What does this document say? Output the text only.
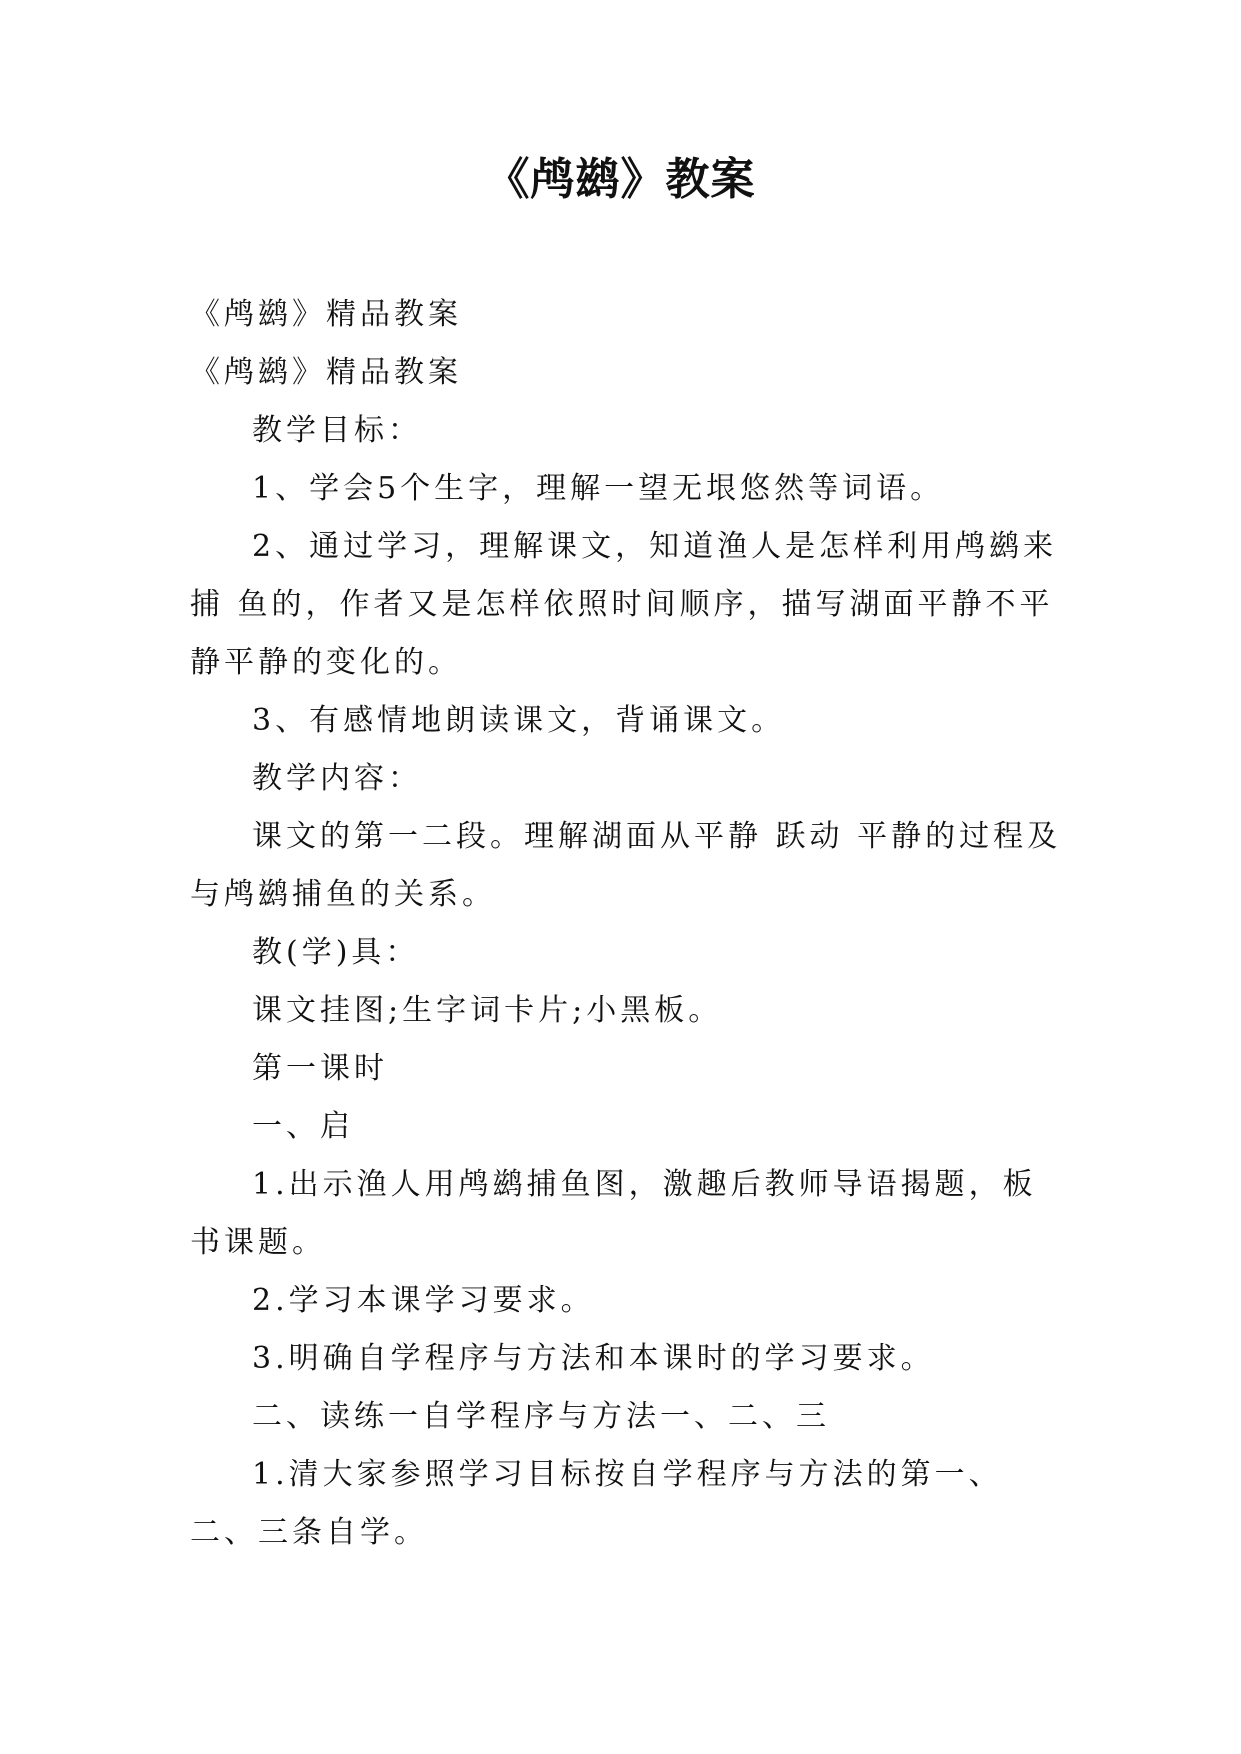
《鸬鹚》教案

《鸬鹚》精品教案

《鸬鹚》精品教案

教学目标：

1、学会5个生字，理解一望无垠悠然等词语。

2、通过学习，理解课文，知道渔人是怎样利用鸬鹚来捕 鱼的，作者又是怎样依照时间顺序，描写湖面平静不平静平静的变化的。

3、有感情地朗读课文，背诵课文。

教学内容：

课文的第一二段。理解湖面从平静 跃动 平静的过程及与鸬鹚捕鱼的关系。

教(学)具：

课文挂图;生字词卡片;小黑板。

第一课时

一、启

1.出示渔人用鸬鹚捕鱼图，激趣后教师导语揭题，板书课题。

2.学习本课学习要求。

3.明确自学程序与方法和本课时的学习要求。

二、读练一自学程序与方法一、二、三

1.清大家参照学习目标按自学程序与方法的第一、二、三条自学。
